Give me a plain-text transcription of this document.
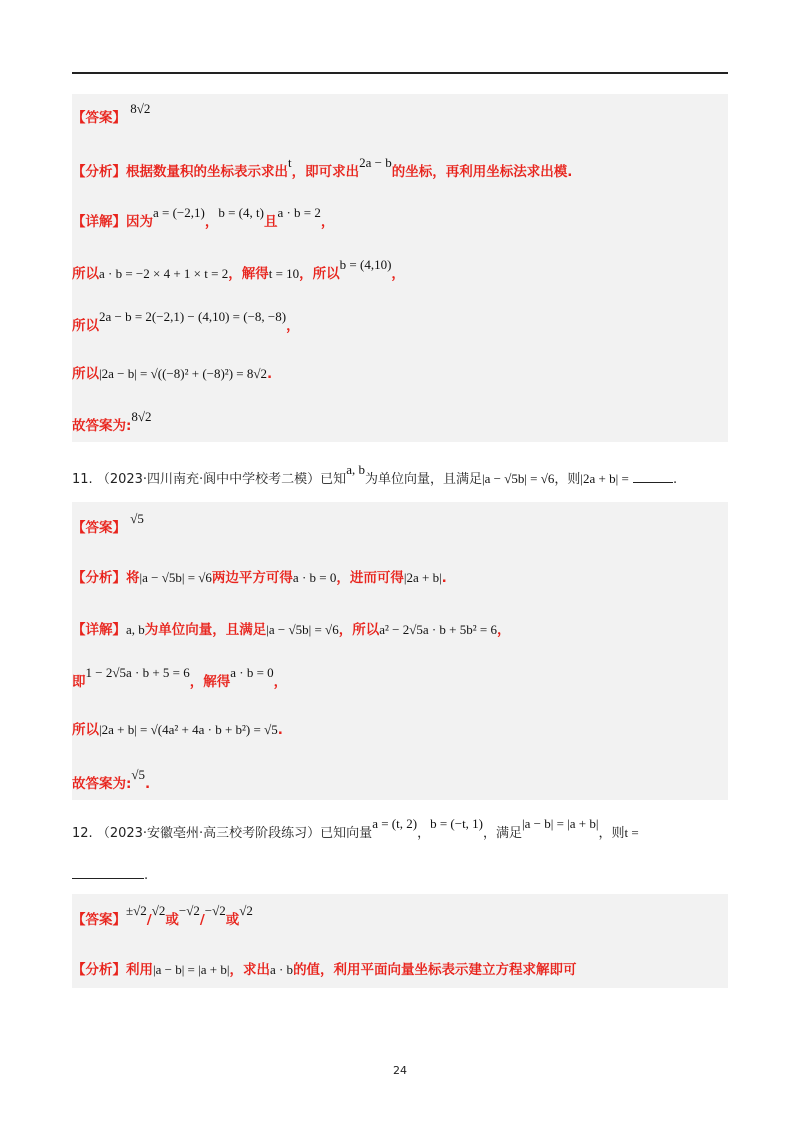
【答案】 8√2
【分析】根据数量积的坐标表示求出t，即可求出2a − b的坐标，再利用坐标法求出模.
【详解】因为a = (−2,1)，b = (4, t)且a · b = 2，
所以a · b = −2 × 4 + 1 × t = 2，解得t = 10，所以b = (4,10)，
所以2a − b = 2(−2,1) − (4,10) = (−8, −8)，
所以|2a − b| = √((−8)² + (−8)²) = 8√2.
故答案为:8√2
11. （2023·四川南充·阆中中学校考二模）已知a, b为单位向量，且满足|a − √5b| = √6，则|2a + b| =	.
【答案】 √5
【分析】将|a − √5b| = √6两边平方可得a · b = 0，进而可得|2a + b|.
【详解】a, b为单位向量，且满足|a − √5b| = √6，所以a² − 2√5a · b + 5b² = 6，
即1 − 2√5a · b + 5 = 6，解得a · b = 0，
所以|2a + b| = √(4a² + 4a · b + b²) = √5.
故答案为:√5.
12. （2023·安徽亳州·高三校考阶段练习）已知向量a = (t, 2)，b = (−t, 1)，满足|a − b| = |a + b|，则t =
.
【答案】±√2/√2或−√2/−√2或√2
【分析】利用|a − b| = |a + b|，求出a · b的值，利用平面向量坐标表示建立方程求解即可
24
